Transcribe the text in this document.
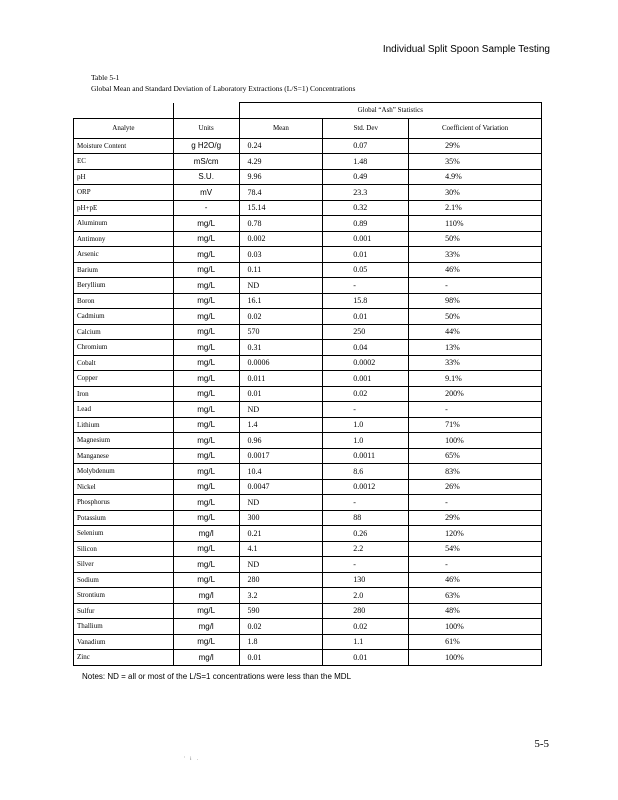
Individual Split Spoon Sample Testing
Table 5-1
Global Mean and Standard Deviation of Laboratory Extractions (L/S=1) Concentrations
		Global “Ash” Statistics		
Analyte	Units	Mean	Std. Dev	Coefficient of Variation
Moisture Content	g H2O/g	0.24	0.07	29%
EC	mS/cm	4.29	1.48	35%
pH	S.U.	9.96	0.49	4.9%
ORP	mV	78.4	23.3	30%
pH+pE	-	15.14	0.32	2.1%
Aluminum	mg/L	0.78	0.89	110%
Antimony	mg/L	0.002	0.001	50%
Arsenic	mg/L	0.03	0.01	33%
Barium	mg/L	0.11	0.05	46%
Beryllium	mg/L	ND	-	-
Boron	mg/L	16.1	15.8	98%
Cadmium	mg/L	0.02	0.01	50%
Calcium	mg/L	570	250	44%
Chromium	mg/L	0.31	0.04	13%
Cobalt	mg/L	0.0006	0.0002	33%
Copper	mg/L	0.011	0.001	9.1%
Iron	mg/L	0.01	0.02	200%
Lead	mg/L	ND	-	-
Lithium	mg/L	1.4	1.0	71%
Magnesium	mg/L	0.96	1.0	100%
Manganese	mg/L	0.0017	0.0011	65%
Molybdenum	mg/L	10.4	8.6	83%
Nickel	mg/L	0.0047	0.0012	26%
Phosphorus	mg/L	ND	-	-
Potassium	mg/L	300	88	29%
Selenium	mg/l	0.21	0.26	120%
Silicon	mg/L	4.1	2.2	54%
Silver	mg/L	ND	-	-
Sodium	mg/L	280	130	46%
Strontium	mg/l	3.2	2.0	63%
Sulfur	mg/L	590	280	48%
Thallium	mg/l	0.02	0.02	100%
Vanadium	mg/L	1.8	1.1	61%
Zinc	mg/l	0.01	0.01	100%
Notes: ND = all or most of the L/S=1 concentrations were less than the MDL
5-5
' i .
